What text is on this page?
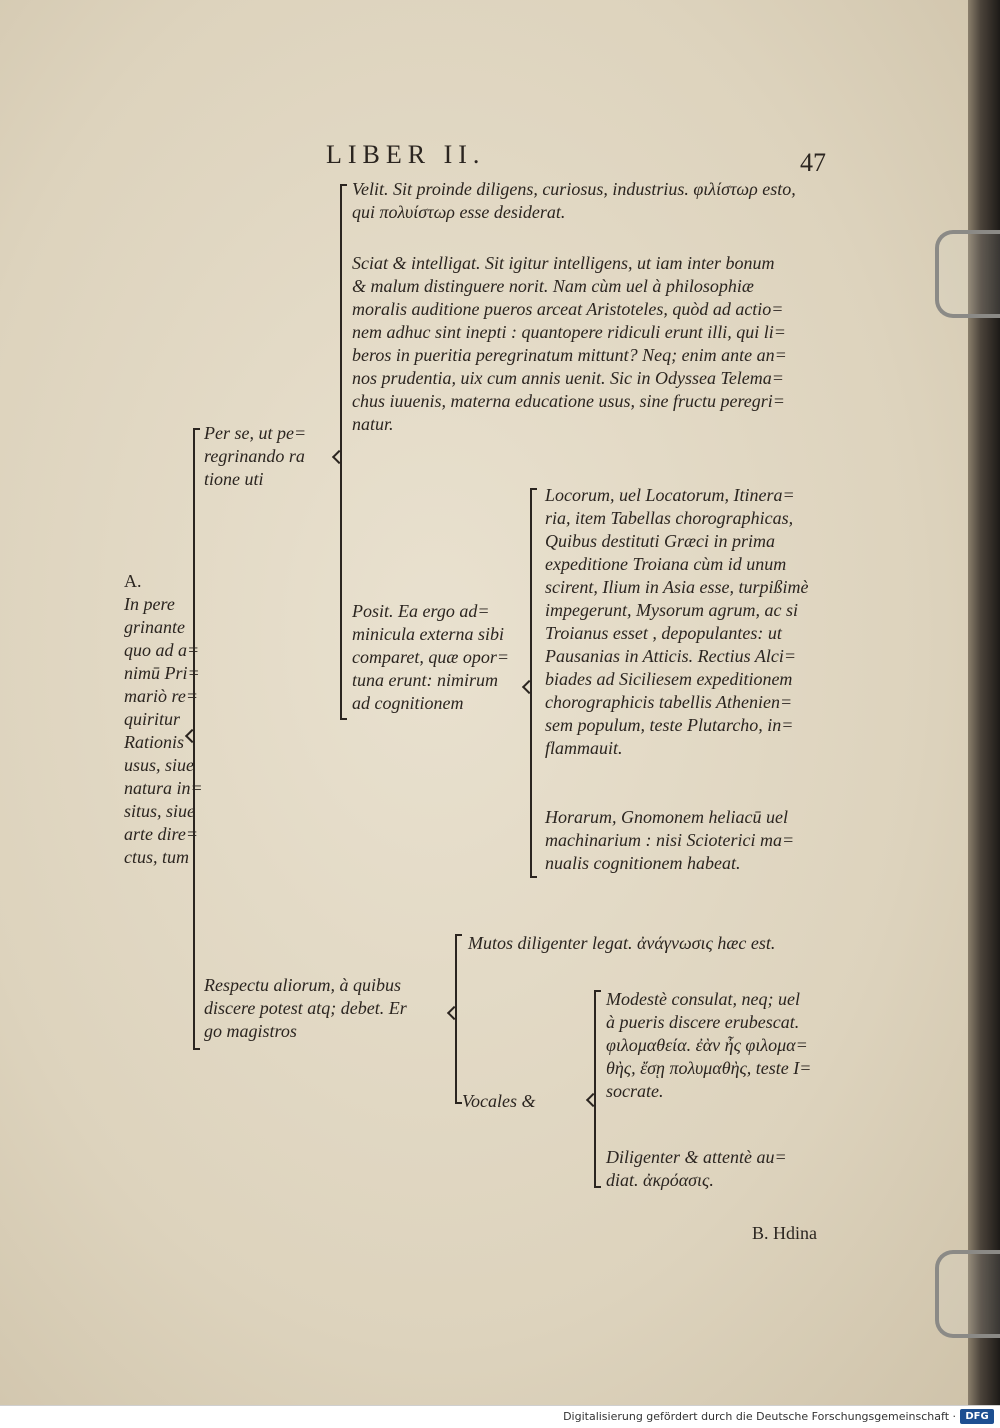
LIBER II.	47
A.
In pere
grinante
quo ad a=
nimū Pri=
mariò re=
quiritur
Rationis
usus, siue
natura in=
situs, siue
arte dire=
ctus, tum
Per se, ut pe=
regrinando ra
tione uti
Velit. Sit proinde diligens, curiosus, industrius. φιλίστωρ esto,
qui πολυίστωρ esse desiderat.
Sciat & intelligat. Sit igitur intelligens, ut iam inter bonum
& malum distinguere norit. Nam cùm uel à philosophiæ
moralis auditione pueros arceat Aristoteles, quòd ad actio=
nem adhuc sint inepti : quantopere ridiculi erunt illi, qui li=
beros in pueritia peregrinatum mittunt? Neq; enim ante an=
nos prudentia, uix cum annis uenit. Sic in Odyssea Telema=
chus iuuenis, materna educatione usus, sine fructu peregri=
natur.
Posit. Ea ergo ad=
minicula externa sibi
comparet, quæ opor=
tuna erunt: nimirum
ad cognitionem
Locorum, uel Locatorum, Itinera=
ria, item Tabellas chorographicas,
Quibus destituti Græci in prima
expeditione Troiana cùm id unum
scirent, Ilium in Asia esse, turpißimè
impegerunt, Mysorum agrum, ac si
Troianus esset , depopulantes: ut
Pausanias in Atticis. Rectius Alci=
biades ad Siciliesem expeditionem
chorographicis tabellis Athenien=
sem populum, teste Plutarcho, in=
flammauit.
Horarum, Gnomonem heliacū uel
machinarium : nisi Scioterici ma=
nualis cognitionem habeat.
Respectu aliorum, à quibus
discere potest atq; debet. Er
go magistros
Mutos diligenter legat. ἀνάγνωσις hæc est.
Vocales &
Modestè consulat, neq; uel
à pueris discere erubescat.
φιλομαθεία. ἐὰν ἦς φιλομα=
θὴς, ἔσῃ πολυμαθὴς, teste I=
socrate.
Diligenter & attentè au=
diat. ἀκρόασις.
B. Hdina
Digitalisierung gefördert durch die Deutsche Forschungsgemeinschaft · DFG
